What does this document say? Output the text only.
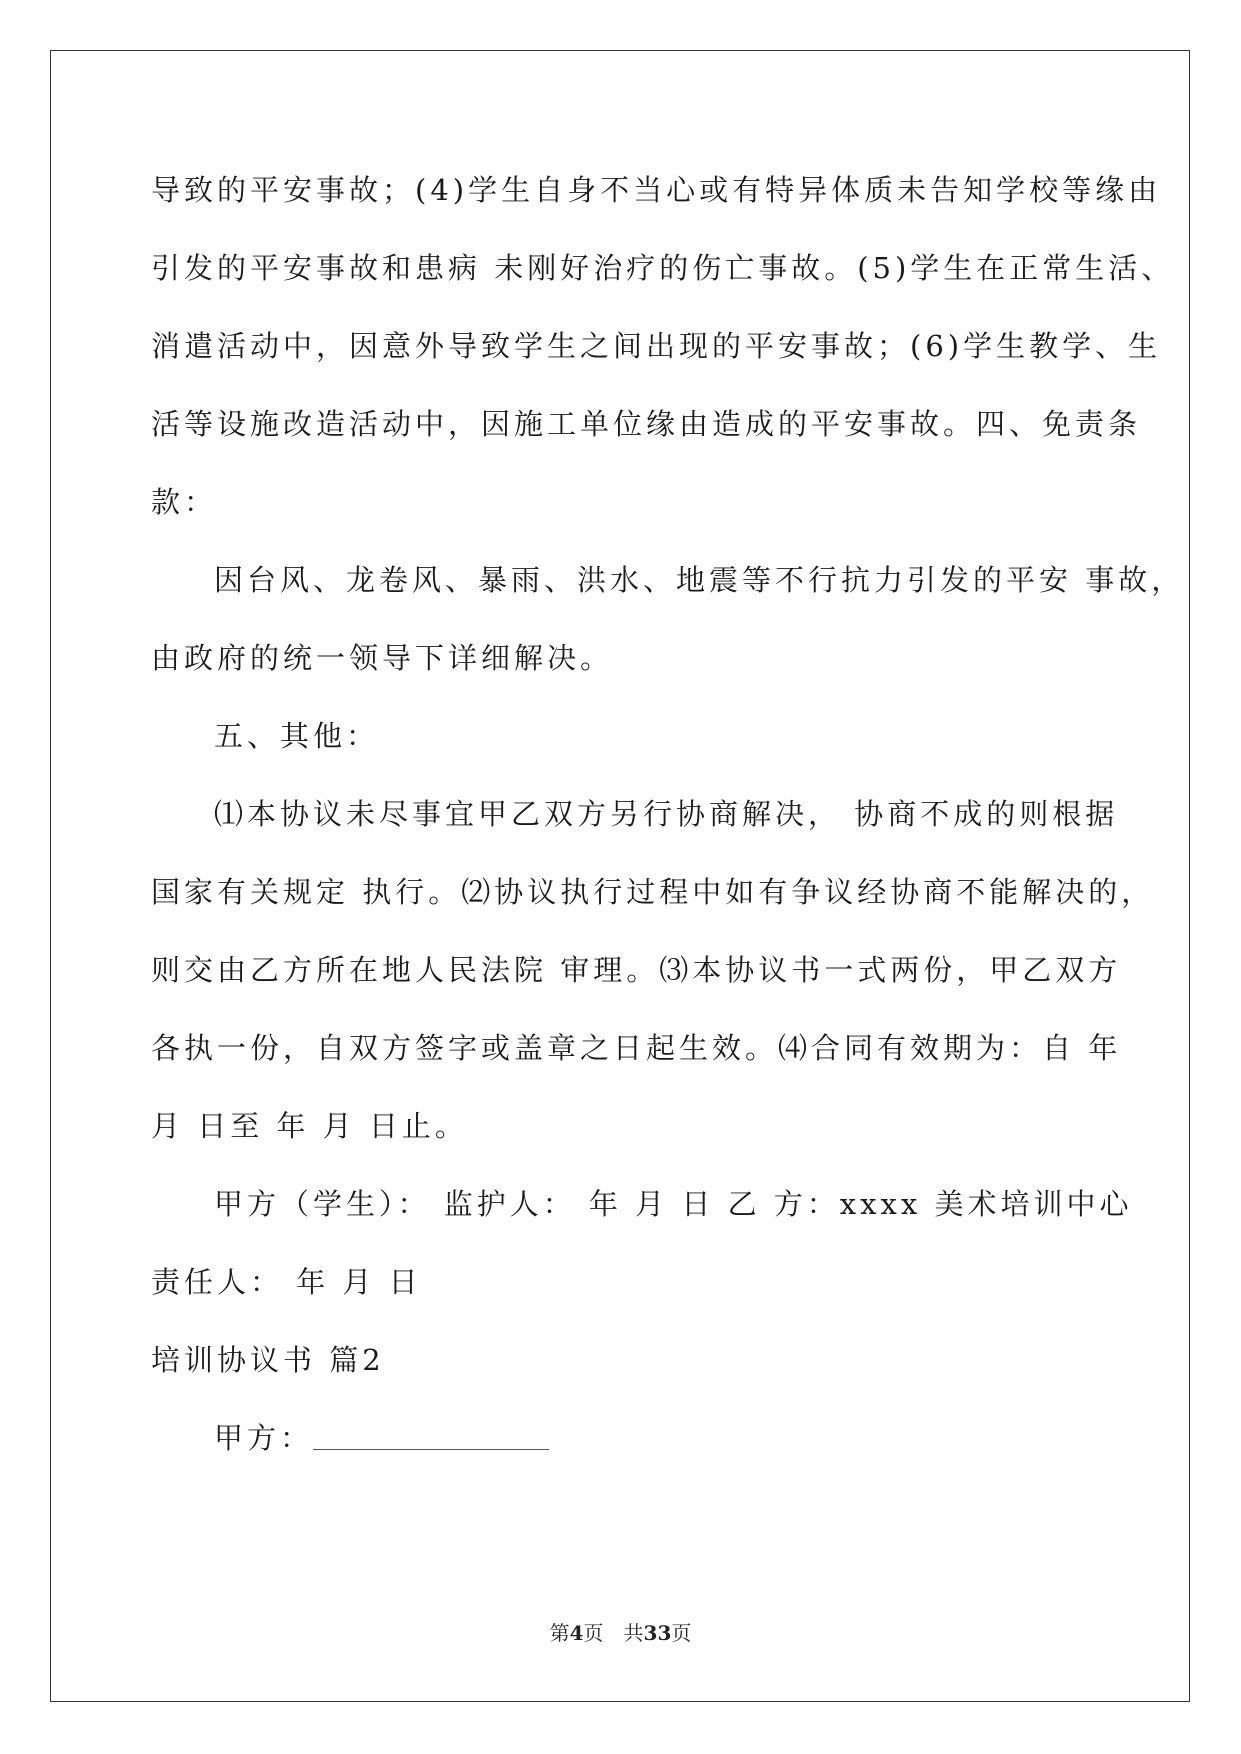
导致的平安事故；(4)学生自身不当心或有特异体质未告知学校等缘由
引发的平安事故和患病 未刚好治疗的伤亡事故。(5)学生在正常生活、
消遣活动中，因意外导致学生之间出现的平安事故；(6)学生教学、生
活等设施改造活动中，因施工单位缘由造成的平安事故。四、免责条
款：
因台风、龙卷风、暴雨、洪水、地震等不行抗力引发的平安 事故，
由政府的统一领导下详细解决。
五、其他：
⑴本协议未尽事宜甲乙双方另行协商解决， 协商不成的则根据
国家有关规定 执行。⑵协议执行过程中如有争议经协商不能解决的，
则交由乙方所在地人民法院 审理。⑶本协议书一式两份，甲乙双方
各执一份，自双方签字或盖章之日起生效。⑷合同有效期为：自 年
月 日至 年 月 日止。
甲方（学生）： 监护人： 年 月 日 乙 方：xxxx 美术培训中心
责任人： 年 月 日
培训协议书 篇2
甲方：
第4页 共33页
